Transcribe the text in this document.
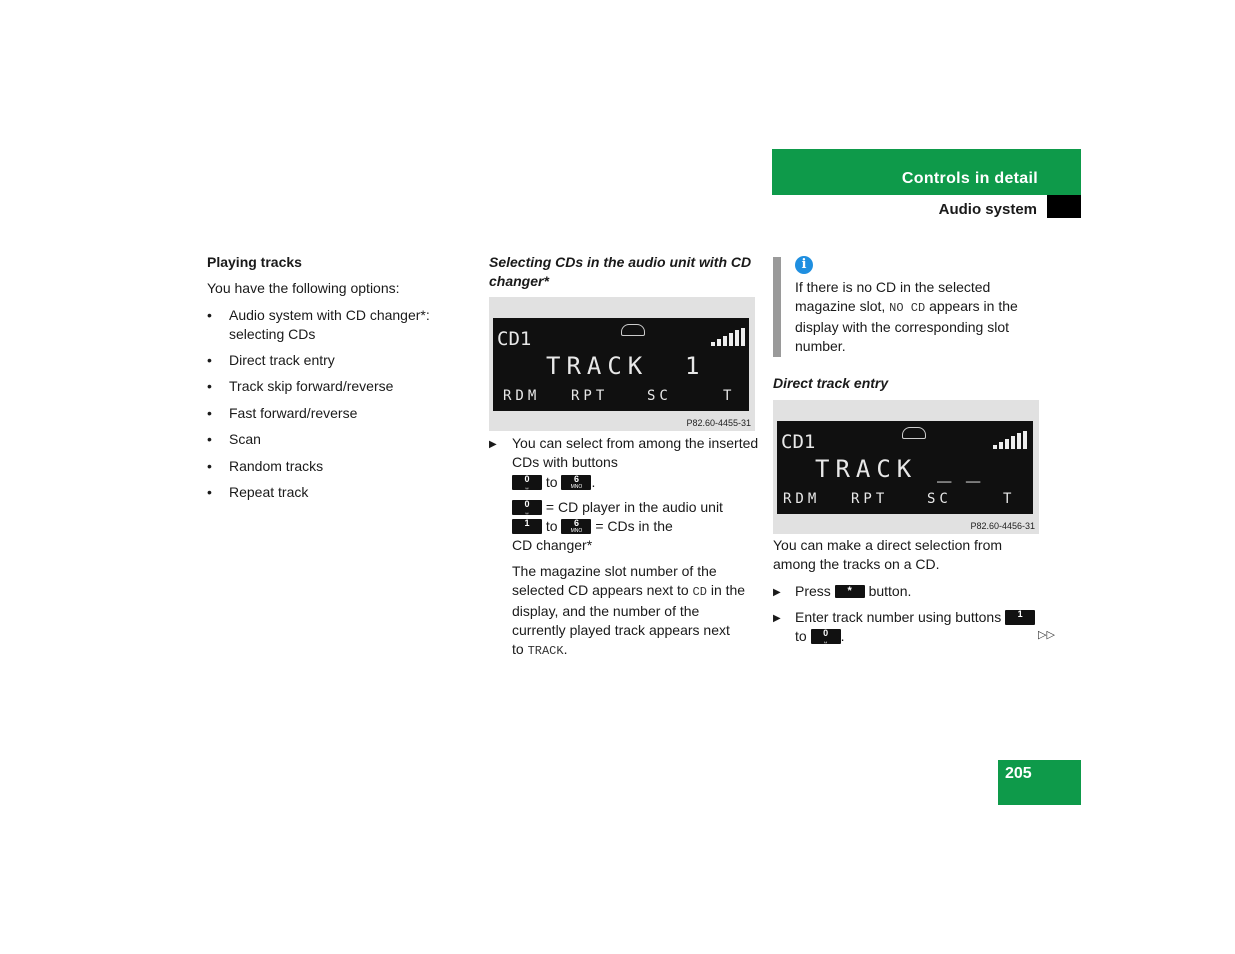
Controls in detail
Audio system
Playing tracks
You have the following options:
•	Audio system with CD changer*: selecting CDs
•	Direct track entry
•	Track skip forward/reverse
•	Fast forward/reverse
•	Scan
•	Random tracks
•	Repeat track
Selecting CDs in the audio unit with CD changer*
CD1
TRACK 1
RDM RPT	SC	T
P82.60-4455-31
▶ You can select from among the inserted CDs with buttons
0
␣	to 6
MNO .
0
␣	= CD player in the audio unit
1
to 6
MNO = CDs in the
CD changer*
The magazine slot number of the
selected CD appears next to CD in the
display, and the number of the
currently played track appears next
to TRACK.
i
If there is no CD in the selected
magazine slot, NO CD appears in the
display with the corresponding slot
number.
Direct track entry
CD1
TRACK _ _
RDM RPT	SC	T
P82.60-4456-31
You can make a direct selection from
among the tracks on a CD.
▶	Press * button.
▶ Enter track number using buttons 1

to 0
␣ .	▷▷
205
